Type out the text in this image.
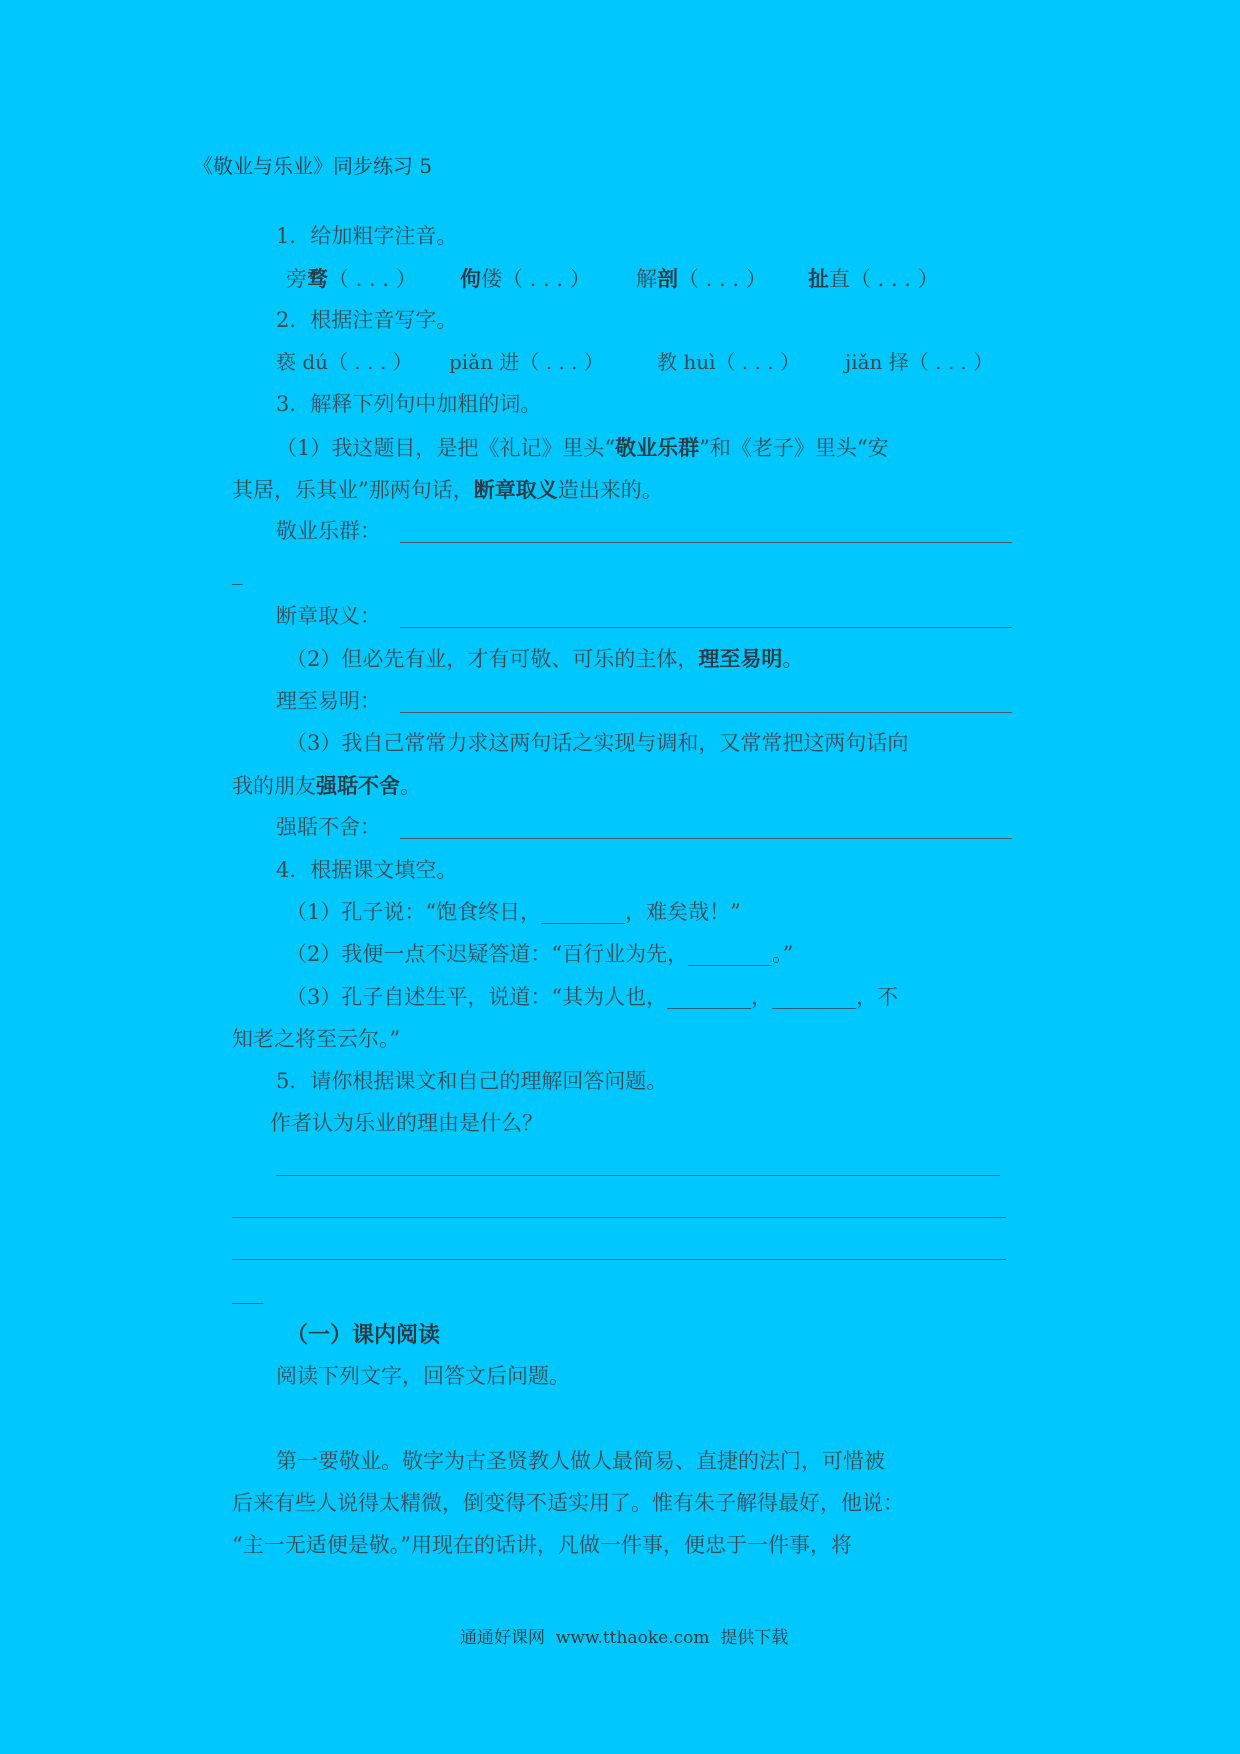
《敬业与乐业》同步练习 5
1．给加粗字注音。
旁骛（ . . . ） 佝偻（ . . . ） 解剖（ . . . ） 扯直（ . . . ）
2．根据注音写字。
亵 dú（ . . . ） piǎn 进（ . . . ）	教 huì（ . . . ） jiǎn 择（ . . . ）
3．解释下列句中加粗的词。
（1）我这题目，是把《礼记》里头“敬业乐群”和《老子》里头“安
其居，乐其业”那两句话，断章取义造出来的。
敬业乐群：
_
断章取义：
（2）但必先有业，才有可敬、可乐的主体，理至易明。
理至易明：
（3）我自己常常力求这两句话之实现与调和，又常常把这两句话向
我的朋友强聒不舍。
强聒不舍：
4．根据课文填空。
（1）孔子说：“饱食终日，________，难矣哉！”
（2）我便一点不迟疑答道：“百行业为先，________。”
（3）孔子自述生平，说道：“其为人也，________，________，不
知老之将至云尔。”
5．请你根据课文和自己的理解回答问题。
作者认为乐业的理由是什么？
___
（一）课内阅读
阅读下列文字，回答文后问题。
第一要敬业。敬字为古圣贤教人做人最简易、直捷的法门，可惜被
后来有些人说得太精微，倒变得不适实用了。惟有朱子解得最好，他说：
“主一无适便是敬。”用现在的话讲，凡做一件事，便忠于一件事，将
通通好课网  www.tthaoke.com  提供下载
